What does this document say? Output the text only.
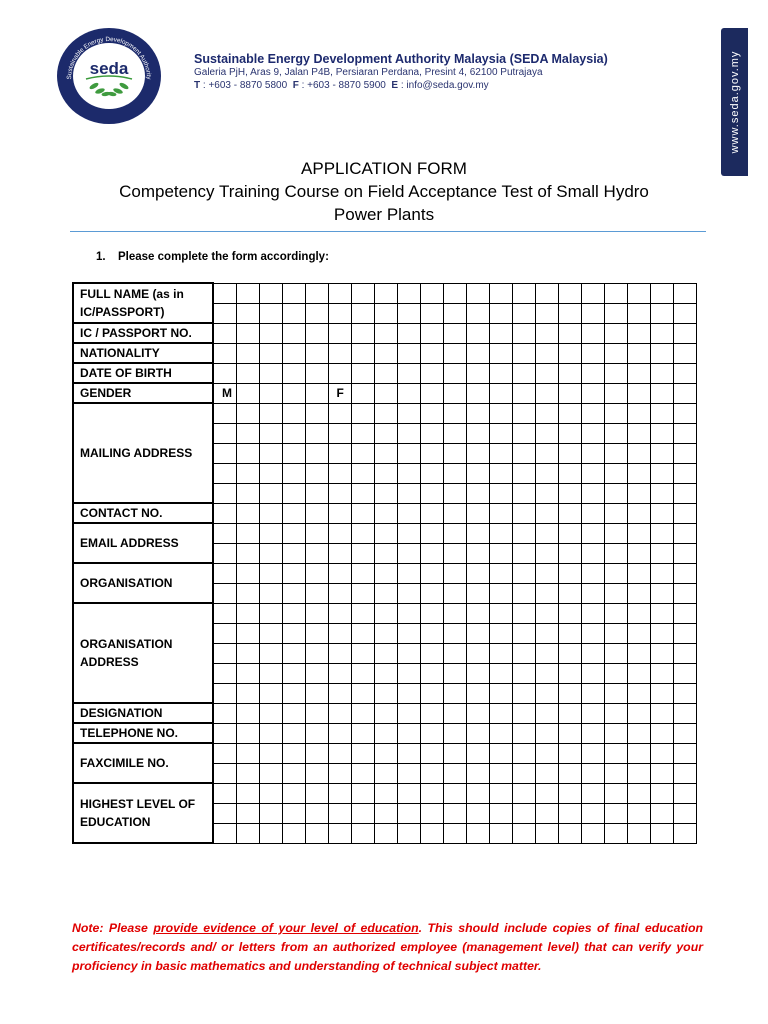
Sustainable Energy Development Authority
MALAYSIA
seda	Sustainable Energy Development Authority Malaysia (SEDA Malaysia)
Galeria PjH, Aras 9, Jalan P4B, Persiaran Perdana, Presint 4, 62100 Putrajaya
T : +603 - 8870 5800 F : +603 - 8870 5900 E : info@seda.gov.my	www.seda.gov.my
APPLICATION FORM
Competency Training Course on Field Acceptance Test of Small Hydro
Power Plants
1. Please complete the form accordingly:
FULL NAME (as in IC/PASSPORT)																					

IC / PASSPORT NO.																					
NATIONALITY																					
DATE OF BIRTH																					
GENDER	M					F															
MAILING ADDRESS																					

CONTACT NO.																					
EMAIL ADDRESS																					

ORGANISATION																					

ORGANISATION ADDRESS																					

DESIGNATION																					
TELEPHONE NO.																					
FAXCIMILE NO.																					

HIGHEST LEVEL OF EDUCATION																					

Note: Please provide evidence of your level of education. This should include copies of final education certificates/records and/ or letters from an authorized employee (management level) that can verify your proficiency in basic mathematics and understanding of technical subject matter.
